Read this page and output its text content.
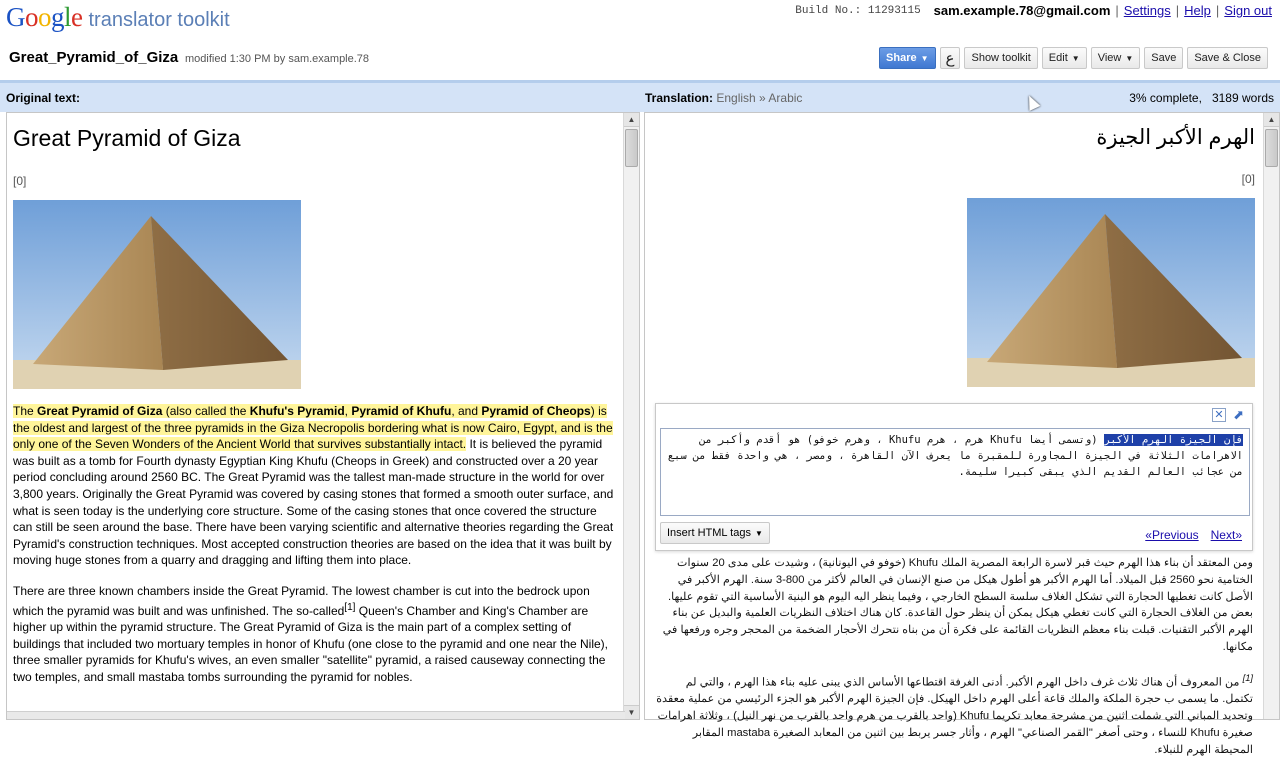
Google translator toolkit	Build No.: 11293115 sam.example.78@gmail.com | Settings | Help | Sign out
Great_Pyramid_of_Giza modified 1:30 PM by sam.example.78	Share ▼	ع	Show toolkit	Edit ▼ View ▼	Save	Save & Close
Original text:	Translation: English » Arabic	3% complete, 3189 words
Great Pyramid of Giza
[0]
The Great Pyramid of Giza (also called the Khufu's Pyramid, Pyramid of Khufu, and Pyramid of Cheops) is the oldest and largest of the three pyramids in the Giza Necropolis bordering what is now Cairo, Egypt, and is the only one of the Seven Wonders of the Ancient World that survives substantially intact. It is believed the pyramid was built as a tomb for Fourth dynasty Egyptian King Khufu (Cheops in Greek) and constructed over a 20 year period concluding around 2560 BC. The Great Pyramid was the tallest man-made structure in the world for over 3,800 years. Originally the Great Pyramid was covered by casing stones that formed a smooth outer surface, and what is seen today is the underlying core structure. Some of the casing stones that once covered the structure can still be seen around the base. There have been varying scientific and alternative theories regarding the Great Pyramid's construction techniques. Most accepted construction theories are based on the idea that it was built by moving huge stones from a quarry and dragging and lifting them into place.
There are three known chambers inside the Great Pyramid. The lowest chamber is cut into the bedrock upon which the pyramid was built and was unfinished. The so-called[1] Queen's Chamber and King's Chamber are higher up within the pyramid structure. The Great Pyramid of Giza is the main part of a complex setting of buildings that included two mortuary temples in honor of Khufu (one close to the pyramid and one near the Nile), three smaller pyramids for Khufu's wives, an even smaller "satellite" pyramid, a raised causeway connecting the two temples, and small mastaba tombs surrounding the pyramid for nobles.
▲
▼
الهرم الأكبر الجيزة
[0]
✕ ⬈
فإن الجيزة الهرم الأكبر (وتسمى أيضا Khufu هرم ، هرم Khufu ، وهرم خوفو) هو أقدم وأكبر من الاهرامات الثلاثة في الجيزة المجاورة للمقبرة ما يعرف الآن القاهرة ، ومصر ، هي واحدة فقط من سبع من عجائب العالم القديم الذي يبقى كبيرا سليمة.
Insert HTML tags ▼	«Previous Next»

ومن المعتقد أن بناء هذا الهرم حيث قبر لاسرة الرابعة المصرية الملك Khufu (خوفو في اليونانية) ، وشيدت على مدى 20 سنوات الختامية نحو 2560 قبل الميلاد. أما الهرم الأكبر هو أطول هيكل من صنع الإنسان في العالم لأكثر من 800-3 سنة. الهرم الأكبر في الأصل كانت تغطيها الحجارة التي تشكل الغلاف سلسة السطح الخارجي ، وفيما ينظر اليه اليوم هو البنية الأساسية التي تقوم عليها. بعض من الغلاف الحجارة التي كانت تغطي هيكل يمكن أن ينظر حول القاعدة. كان هناك اختلاف النظريات العلمية والبديل عن بناء الهرم الأكبر التقنيات. قبلت بناء معظم النظريات القائمة على فكرة أن من بناه نتحرك الأحجار الضخمة من المحجر وجره ورفعها في مكانها.

[1] من المعروف أن هناك ثلاث غرف داخل الهرم الأكبر. أدنى الغرفة اقتطاعها الأساس الذي يبنى عليه بناء هذا الهرم ، والتي لم تكتمل. ما يسمى ب حجرة الملكة والملك قاعة أعلى الهرم داخل الهيكل. فإن الجيزة الهرم الأكبر هو الجزء الرئيسي من عملية معقدة وتحديد المباني التي شملت اثنين من مشرحة معابد تكريما Khufu (واحد بالقرب من هرم واحد بالقرب من نهر النيل) ، وثلاثة اهرامات صغيرة Khufu للنساء ، وحتى أصغر "القمر الصناعي" الهرم ، وأثار جسر يربط بين اثنين من المعابد الصغيرة mastaba المقابر المحيطة الهرم للنبلاء.

▲
